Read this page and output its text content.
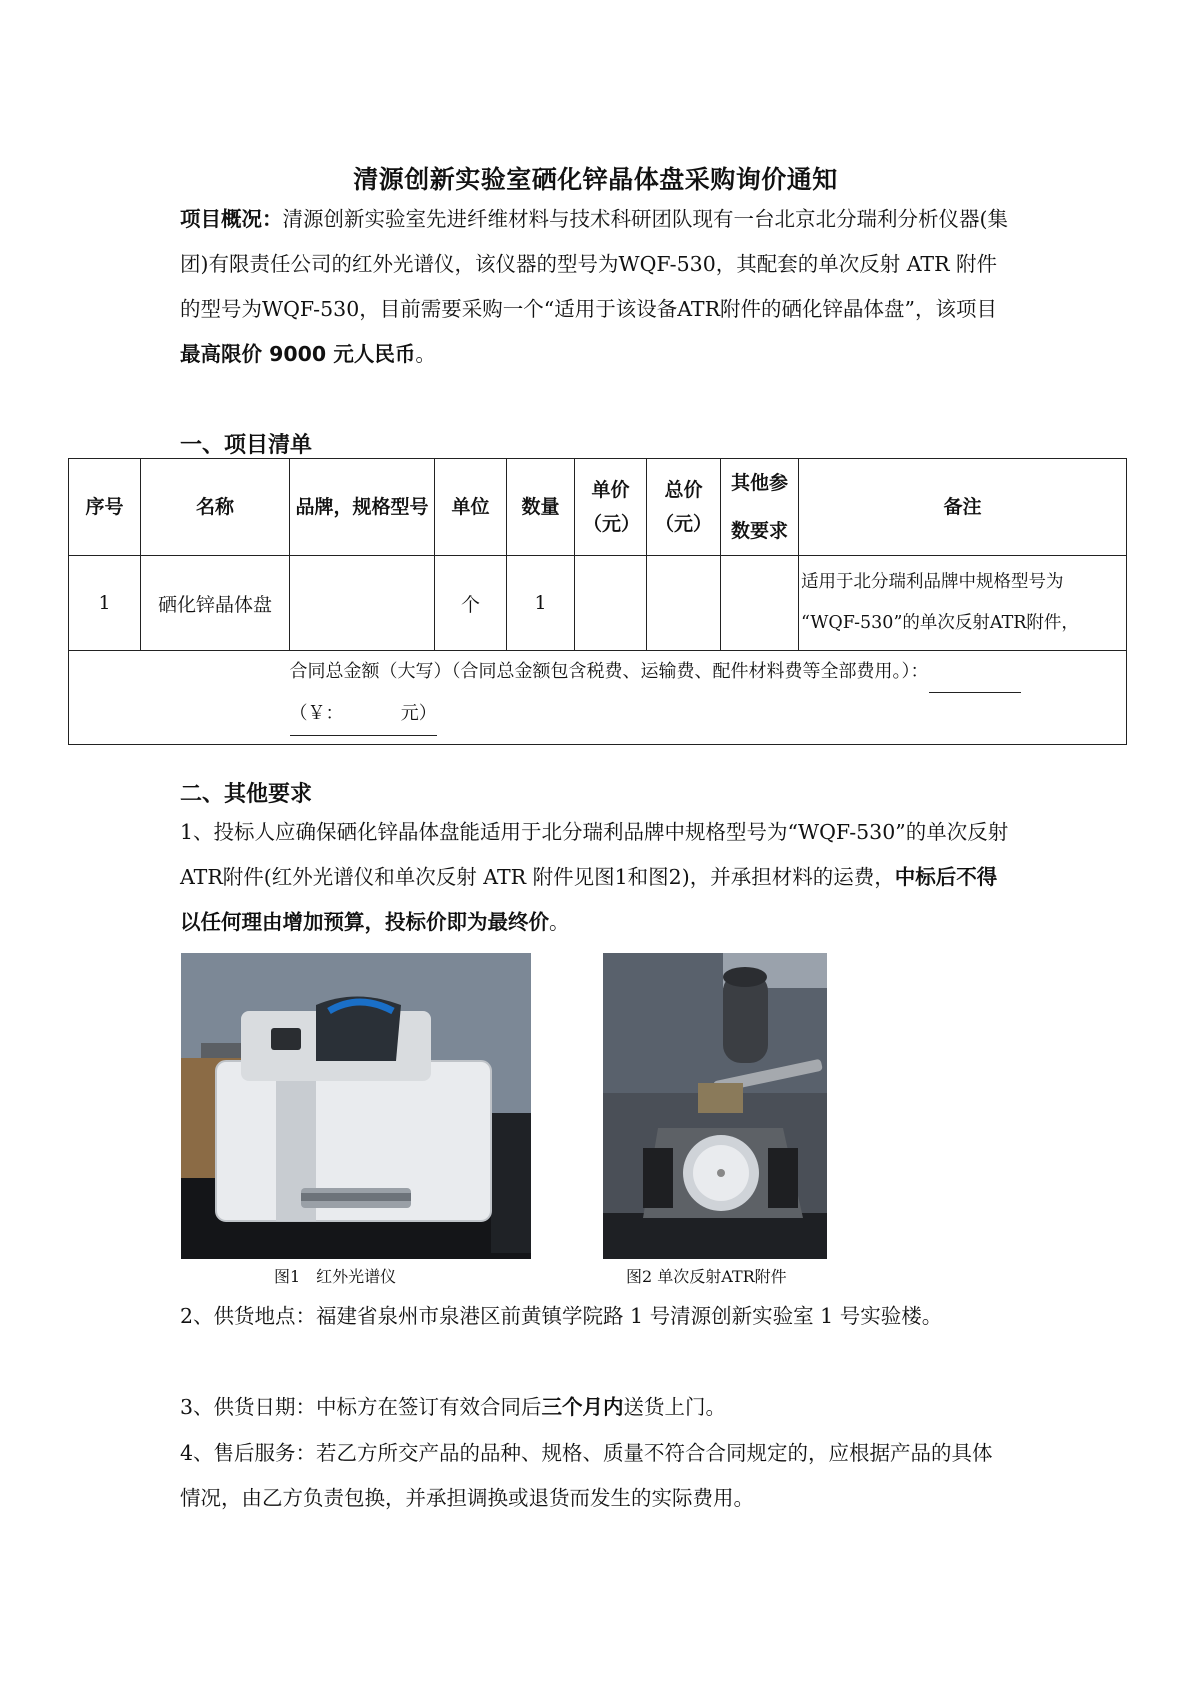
清源创新实验室硒化锌晶体盘采购询价通知
项目概况：清源创新实验室先进纤维材料与技术科研团队现有一台北京北分瑞利分析仪器(集团)有限责任公司的红外光谱仪，该仪器的型号为WQF-530，其配套的单次反射 ATR 附件的型号为WQF-530，目前需要采购一个“适用于该设备ATR附件的硒化锌晶体盘”，该项目最高限价 9000 元人民币。
一、项目清单
序号	名称	品牌，规格型号	单位	数量	单价（元）	总价（元）	其他参数要求	备注
1	硒化锌晶体盘		个	1				适用于北分瑞利品牌中规格型号为
“WQF-530”的单次反射ATR附件，

		合同总金额（大写）（合同总金额包含税费、运输费、配件材料费等全部费用。）：
（￥：          元）						
二、其他要求
1、投标人应确保硒化锌晶体盘能适用于北分瑞利品牌中规格型号为“WQF-530”的单次反射ATR附件(红外光谱仪和单次反射 ATR 附件见图1和图2)，并承担材料的运费，中标后不得以任何理由增加预算，投标价即为最终价。
图1　红外光谱仪	图2 单次反射ATR附件
2、供货地点：福建省泉州市泉港区前黄镇学院路 1 号清源创新实验室 1 号实验楼。
3、供货日期：中标方在签订有效合同后三个月内送货上门。
4、售后服务：若乙方所交产品的品种、规格、质量不符合合同规定的，应根据产品的具体情况，由乙方负责包换，并承担调换或退货而发生的实际费用。
